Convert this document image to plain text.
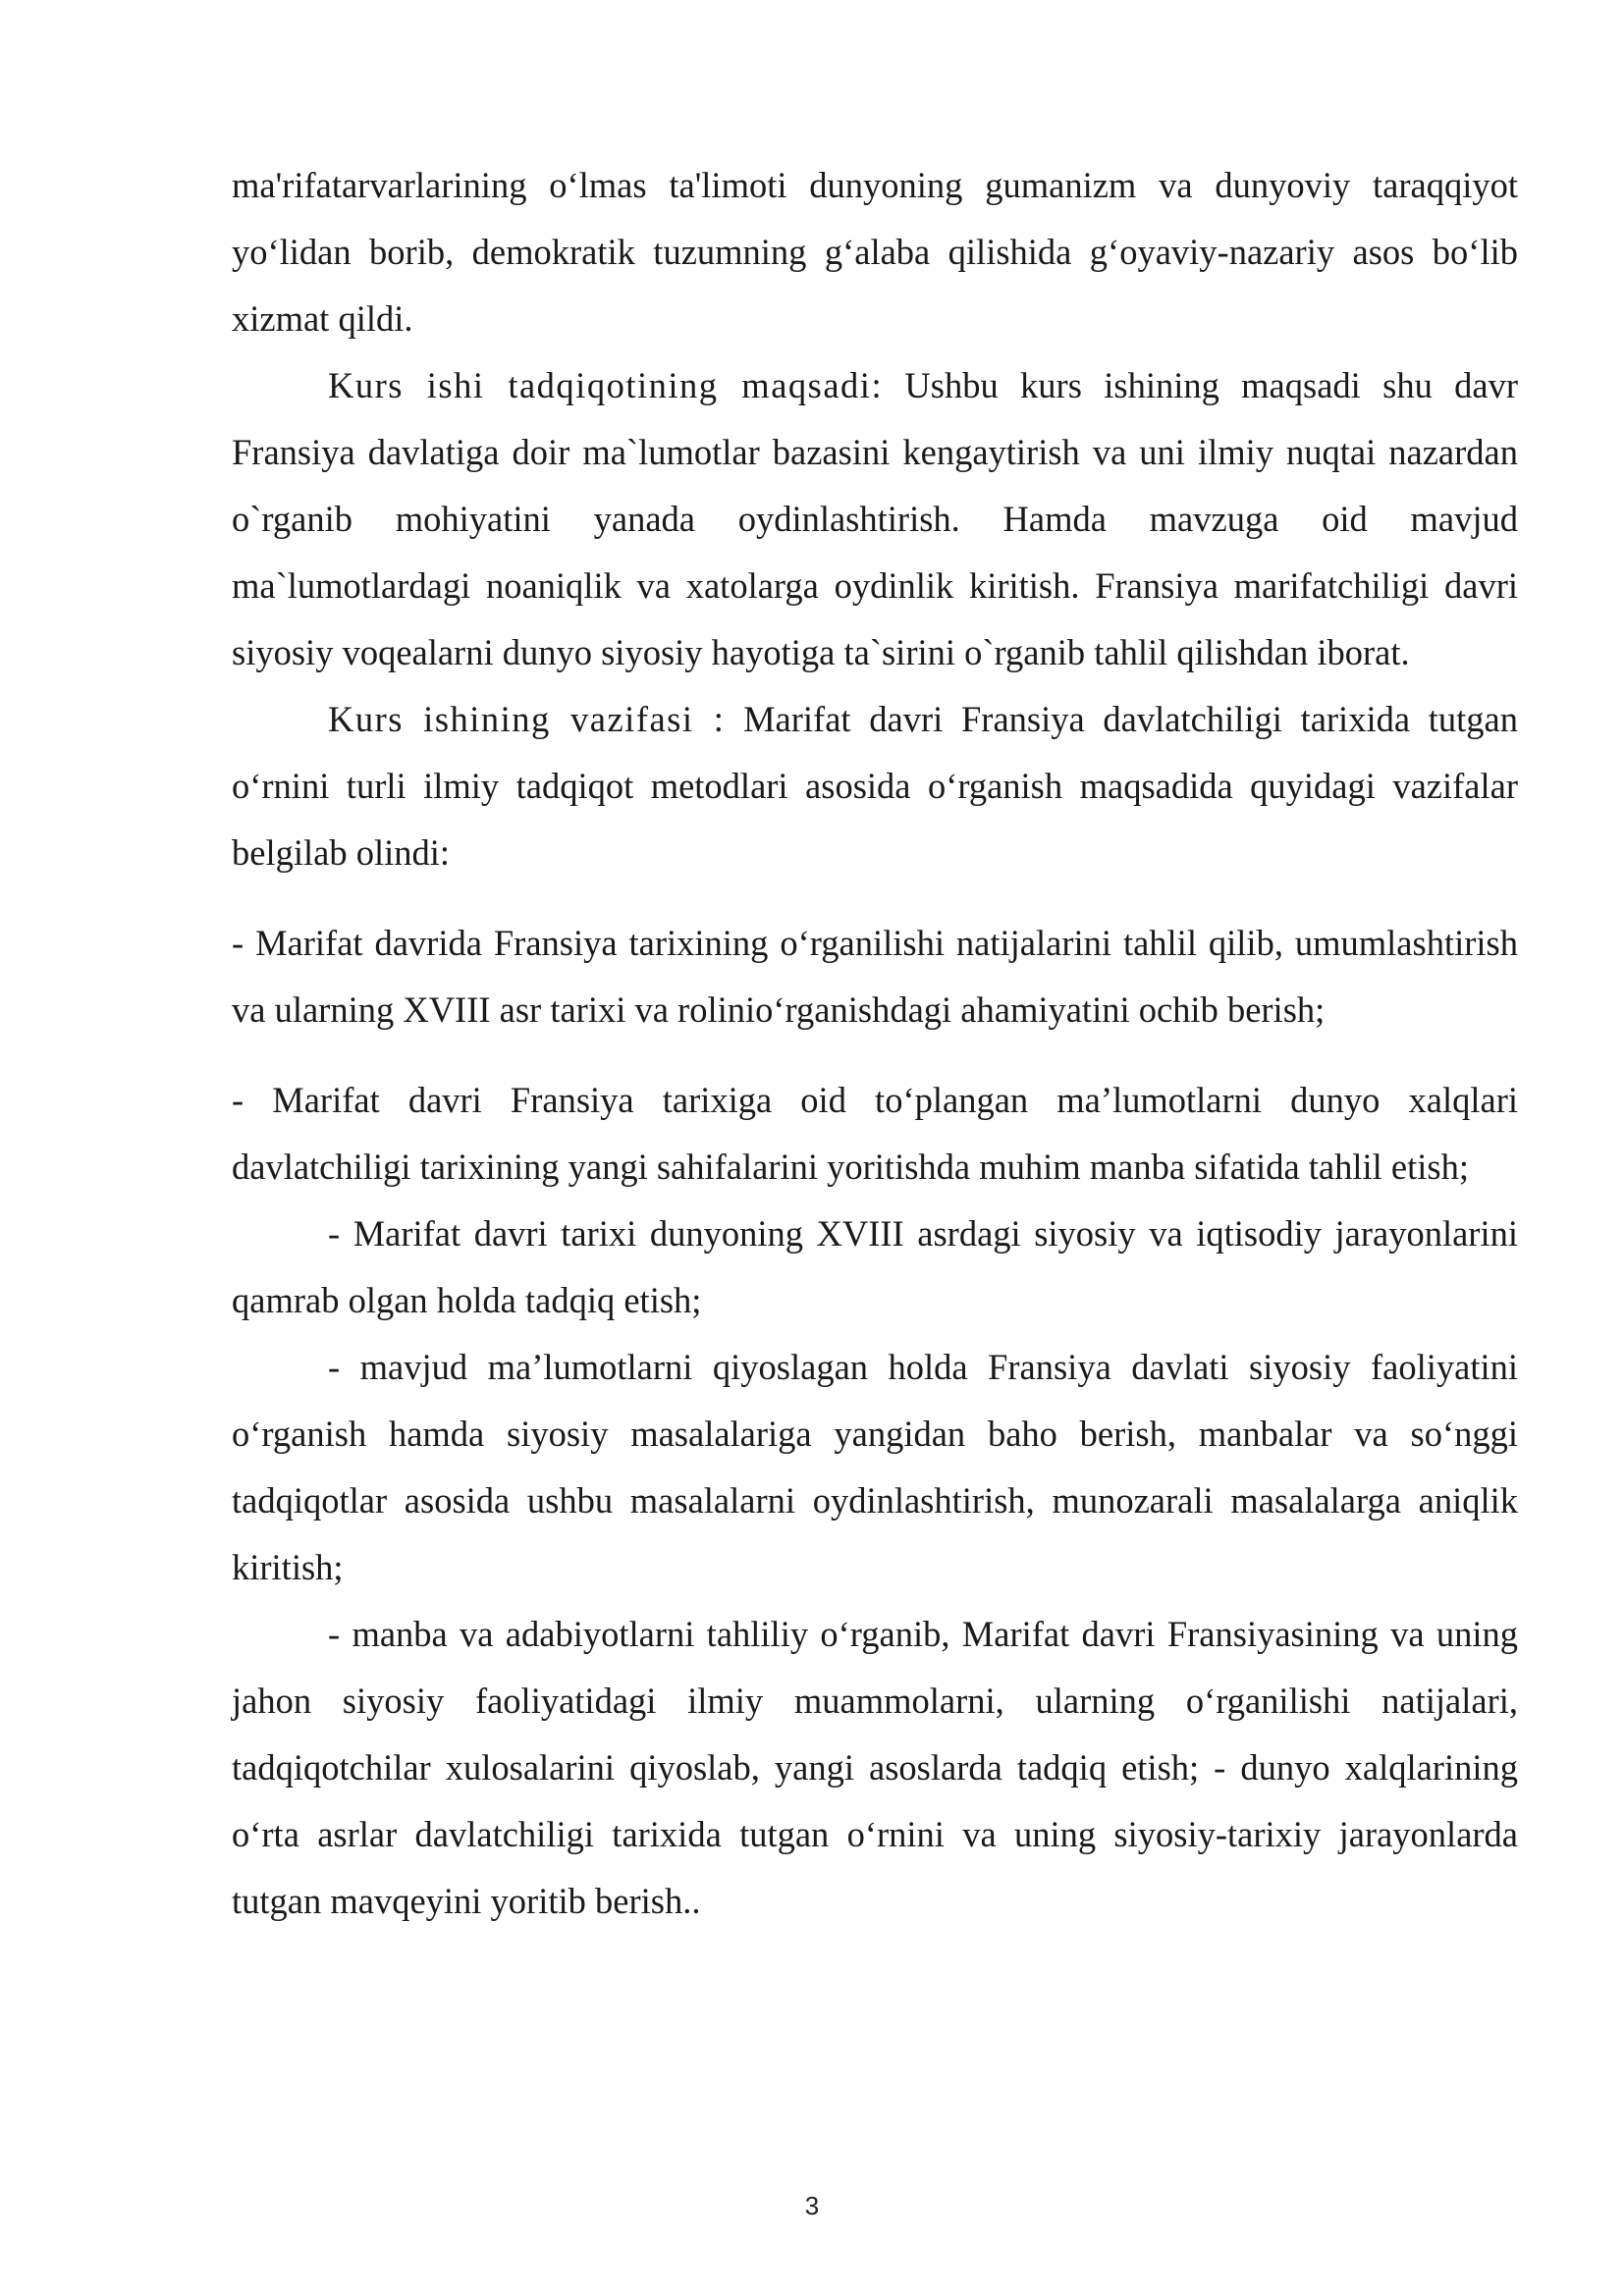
ma'rifatarvarlarining o‘lmas ta'limoti dunyoning gumanizm va dunyoviy taraqqiyot yo‘lidan borib, demokratik tuzumning g‘alaba qilishida g‘oyaviy-nazariy asos bo‘lib xizmat qildi.

Kurs ishi tadqiqotining maqsadi: Ushbu kurs ishining maqsadi shu davr Fransiya davlatiga doir ma`lumotlar bazasini kengaytirish va uni ilmiy nuqtai nazardan o`rganib mohiyatini yanada oydinlashtirish. Hamda mavzuga oid mavjud ma`lumotlardagi noaniqlik va xatolarga oydinlik kiritish. Fransiya marifatchiligi davri siyosiy voqealarni dunyo siyosiy hayotiga ta`sirini o`rganib tahlil qilishdan iborat.

Kurs ishining vazifasi : Marifat davri Fransiya davlatchiligi tarixida tutgan o‘rnini turli ilmiy tadqiqot metodlari asosida o‘rganish maqsadida quyidagi vazifalar belgilab olindi:

- Marifat davrida Fransiya tarixining o‘rganilishi natijalarini tahlil qilib, umumlashtirish va ularning XVIII asr tarixi va rolinio‘rganishdagi ahamiyatini ochib berish;

- Marifat davri Fransiya tarixiga oid to‘plangan ma’lumotlarni dunyo xalqlari davlatchiligi tarixining yangi sahifalarini yoritishda muhim manba sifatida tahlil etish;

- Marifat davri tarixi dunyoning XVIII asrdagi siyosiy va iqtisodiy jarayonlarini qamrab olgan holda tadqiq etish;

- mavjud ma’lumotlarni qiyoslagan holda Fransiya davlati siyosiy faoliyatini o‘rganish hamda siyosiy masalalariga yangidan baho berish, manbalar va so‘nggi tadqiqotlar asosida ushbu masalalarni oydinlashtirish, munozarali masalalarga aniqlik kiritish;

- manba va adabiyotlarni tahliliy o‘rganib, Marifat davri Fransiyasining va uning jahon siyosiy faoliyatidagi ilmiy muammolarni, ularning o‘rganilishi natijalari, tadqiqotchilar xulosalarini qiyoslab, yangi asoslarda tadqiq etish; - dunyo xalqlarining o‘rta asrlar davlatchiligi tarixida tutgan o‘rnini va uning siyosiy-tarixiy jarayonlarda tutgan mavqeyini yoritib berish..

3
